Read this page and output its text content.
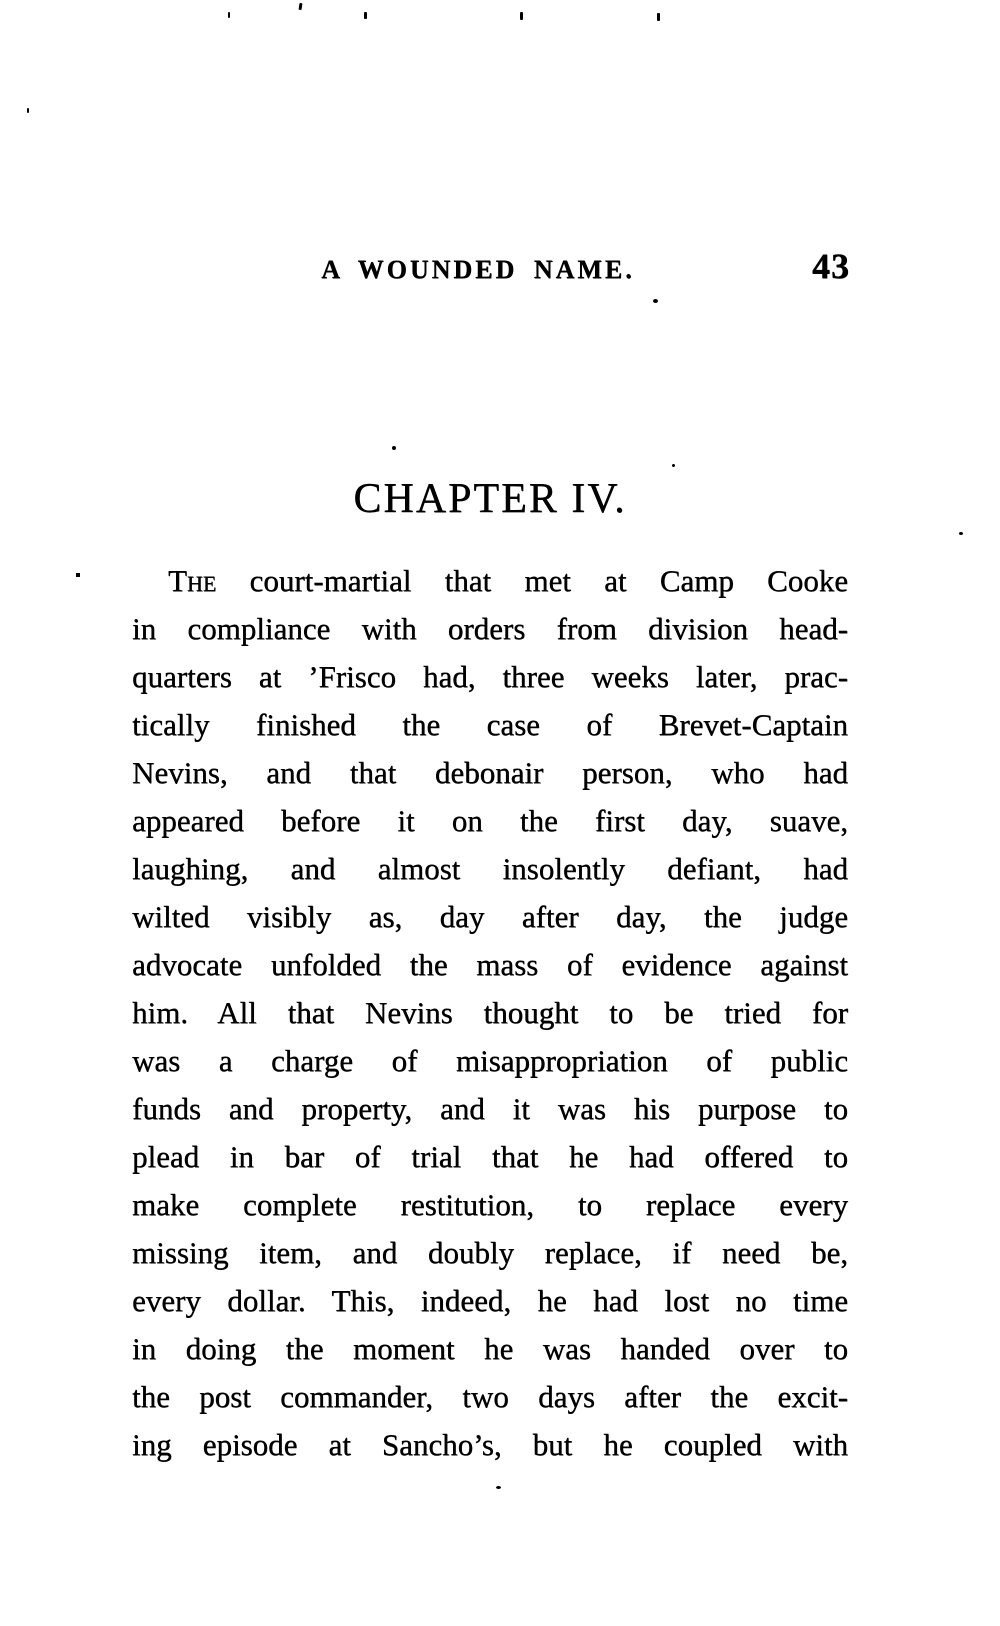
A WOUNDED NAME.	43
CHAPTER IV.
The court-martial that met at Camp Cooke
in compliance with orders from division head-
quarters at ’Frisco had, three weeks later, prac-
tically finished the case of Brevet-Captain
Nevins, and that debonair person, who had
appeared before it on the first day, suave,
laughing, and almost insolently defiant, had
wilted visibly as, day after day, the judge
advocate unfolded the mass of evidence against
him. All that Nevins thought to be tried for
was a charge of misappropriation of public
funds and property, and it was his purpose to
plead in bar of trial that he had offered to
make complete restitution, to replace every
missing item, and doubly replace, if need be,
every dollar. This, indeed, he had lost no time
in doing the moment he was handed over to
the post commander, two days after the excit-
ing episode at Sancho’s, but he coupled with
